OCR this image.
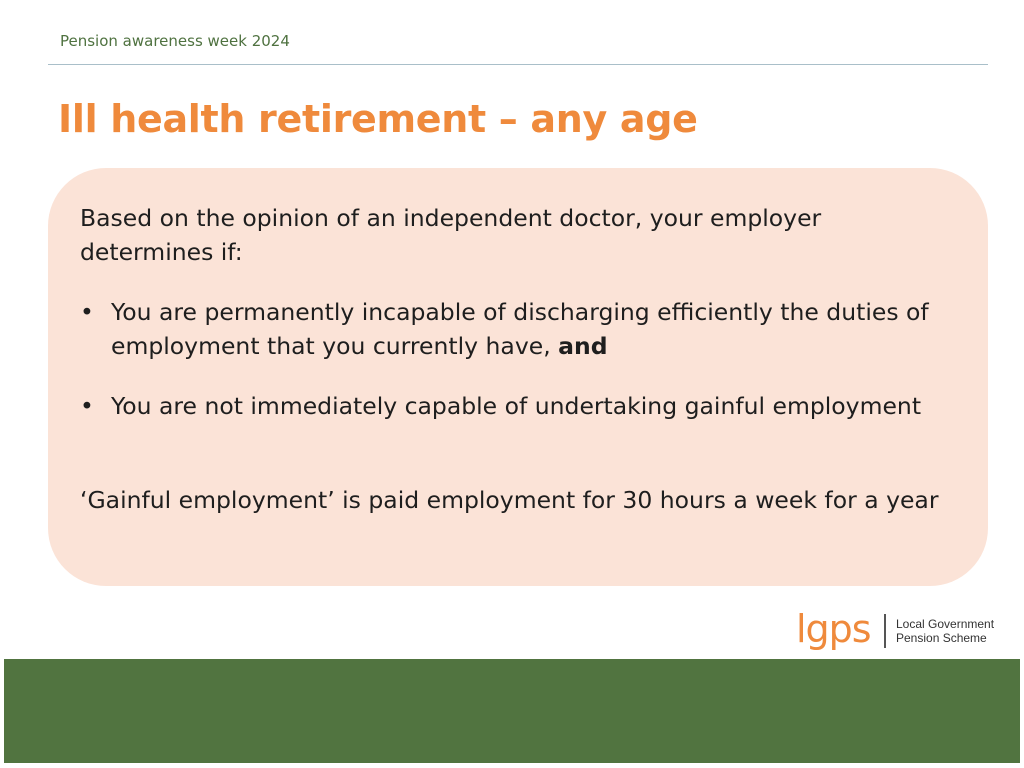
Pension awareness week 2024
Ill health retirement – any age

Based on the opinion of an independent doctor, your employer determines if:

• You are permanently incapable of discharging efficiently the duties of employment that you currently have, and

• You are not immediately capable of undertaking gainful employment

‘Gainful employment’ is paid employment for 30 hours a week for a year

lgps Local Government
Pension Scheme
